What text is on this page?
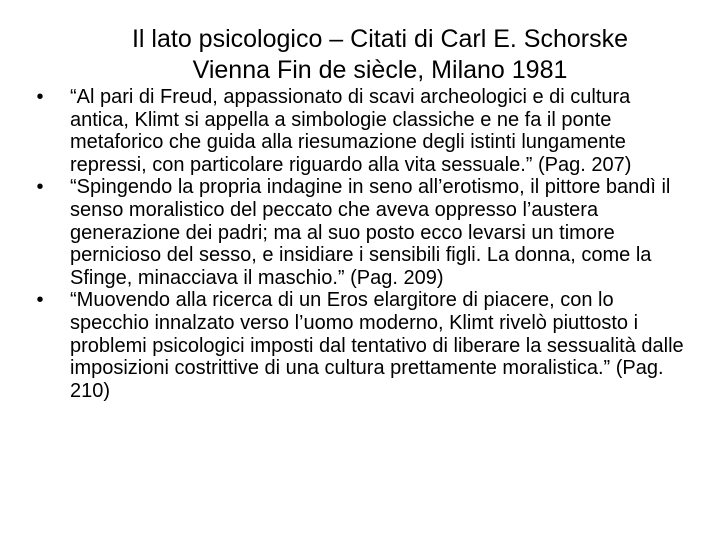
Il lato psicologico – Citati di Carl E. Schorske
Vienna Fin de siècle, Milano 1981
•	“Al pari di Freud, appassionato di scavi archeologici e di cultura antica, Klimt si appella a simbologie classiche e ne fa il ponte metaforico che guida alla riesumazione degli istinti lungamente repressi, con particolare riguardo alla vita sessuale.” (Pag. 207)
•	“Spingendo la propria indagine in seno all’erotismo, il pittore bandì il senso moralistico del peccato che aveva oppresso l’austera generazione dei padri; ma al suo posto ecco levarsi un timore pernicioso del sesso, e insidiare i sensibili figli. La donna, come la Sfinge, minacciava il maschio.” (Pag. 209)
•	“Muovendo alla ricerca di un Eros elargitore di piacere, con lo specchio innalzato verso l’uomo moderno, Klimt rivelò piuttosto i problemi psicologici imposti dal tentativo di liberare la sessualità dalle imposizioni costrittive di una cultura prettamente moralistica.” (Pag. 210)
